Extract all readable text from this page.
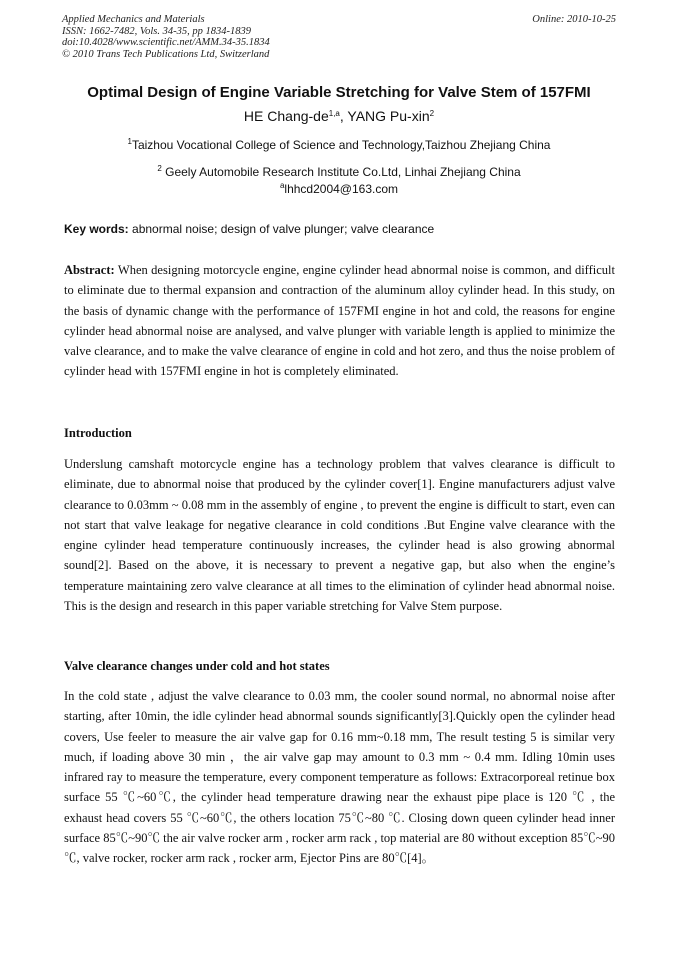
Applied Mechanics and Materials
ISSN: 1662-7482, Vols. 34-35, pp 1834-1839
doi:10.4028/www.scientific.net/AMM.34-35.1834
© 2010 Trans Tech Publications Ltd, Switzerland
Online: 2010-10-25
Optimal Design of Engine Variable Stretching for Valve Stem of 157FMI
HE Chang-de$^{1,a}$, YANG Pu-xin$^2$
$^1$Taizhou Vocational College of Science and Technology,Taizhou Zhejiang China
$^2$ Geely Automobile Research Institute Co.Ltd, Linhai Zhejiang China
$^a$lhhcd2004@163.com
Key words: abnormal noise; design of valve plunger; valve clearance
Abstract: When designing motorcycle engine, engine cylinder head abnormal noise is common, and difficult to eliminate due to thermal expansion and contraction of the aluminum alloy cylinder head. In this study, on the basis of dynamic change with the performance of 157FMI engine in hot and cold, the reasons for engine cylinder head abnormal noise are analysed, and valve plunger with variable length is applied to minimize the valve clearance, and to make the valve clearance of engine in cold and hot zero, and thus the noise problem of cylinder head with 157FMI engine in hot is completely eliminated.
Introduction
Underslung camshaft motorcycle engine has a technology problem that valves clearance is difficult to eliminate, due to abnormal noise that produced by the cylinder cover[1]. Engine manufacturers adjust valve clearance to 0.03mm ~ 0.08 mm in the assembly of engine , to prevent the engine is difficult to start, even can not start that valve leakage for negative clearance in cold conditions .But Engine valve clearance with the engine cylinder head temperature continuously increases, the cylinder head is also growing abnormal sound[2]. Based on the above, it is necessary to prevent a negative gap, but also when the engine’s temperature maintaining zero valve clearance at all times to the elimination of cylinder head abnormal noise. This is the design and research in this paper variable stretching for Valve Stem purpose.
Valve clearance changes under cold and hot states
In the cold state , adjust the valve clearance to 0.03 mm, the cooler sound normal, no abnormal noise after starting, after 10min, the idle cylinder head abnormal sounds significantly[3].Quickly open the cylinder head covers, Use feeler to measure the air valve gap for 0.16 mm~0.18 mm, The result testing 5 is similar very much, if loading above 30 min ，the air valve gap may amount to 0.3 mm ~ 0.4 mm. Idling 10min uses infrared ray to measure the temperature, every component temperature as follows: Extracorporeal retinue box surface 55 ℃~60℃, the cylinder head temperature drawing near the exhaust pipe place is 120 ℃ , the exhaust head covers 55 ℃~60℃, the others location 75℃~80 ℃. Closing down queen cylinder head inner surface 85℃~90℃ the air valve rocker arm , rocker arm rack , top material are 80 without exception 85℃~90 ℃, valve rocker, rocker arm rack , rocker arm, Ejector Pins are 80℃[4]。
